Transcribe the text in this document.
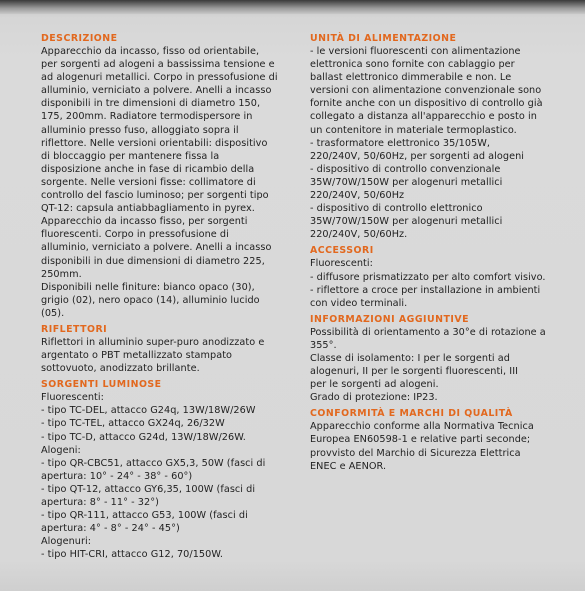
DESCRIZIONE

Apparecchio da incasso, fisso od orientabile,
per sorgenti ad alogeni a bassissima tensione e
ad alogenuri metallici. Corpo in pressofusione di
alluminio, verniciato a polvere. Anelli a incasso
disponibili in tre dimensioni di diametro 150,
175, 200mm. Radiatore termodispersore in
alluminio presso fuso, alloggiato sopra il
riflettore. Nelle versioni orientabili: dispositivo
di bloccaggio per mantenere fissa la
disposizione anche in fase di ricambio della
sorgente. Nelle versioni fisse: collimatore di
controllo del fascio luminoso; per sorgenti tipo
QT-12: capsula antiabbagliamento in pyrex.
Apparecchio da incasso fisso, per sorgenti
fluorescenti. Corpo in pressofusione di
alluminio, verniciato a polvere. Anelli a incasso
disponibili in due dimensioni di diametro 225,
250mm.
Disponibili nelle finiture: bianco opaco (30),
grigio (02), nero opaco (14), alluminio lucido
(05).

RIFLETTORI

Riflettori in alluminio super-puro anodizzato e
argentato o PBT metallizzato stampato
sottovuoto, anodizzato brillante.

SORGENTI LUMINOSE

Fluorescenti:
- tipo TC-DEL, attacco G24q, 13W/18W/26W
- tipo TC-TEL, attacco GX24q, 26/32W
- tipo TC-D, attacco G24d, 13W/18W/26W.
Alogeni:
- tipo QR-CBC51, attacco GX5,3, 50W (fasci di
apertura: 10° - 24° - 38° - 60°)
- tipo QT-12, attacco GY6,35, 100W (fasci di
apertura: 8° - 11° - 32°)
- tipo QR-111, attacco G53, 100W (fasci di
apertura: 4° - 8° - 24° - 45°)
Alogenuri:
- tipo HIT-CRI, attacco G12, 70/150W.

UNITÀ DI ALIMENTAZIONE

- le versioni fluorescenti con alimentazione
elettronica sono fornite con cablaggio per
ballast elettronico dimmerabile e non. Le
versioni con alimentazione convenzionale sono
fornite anche con un dispositivo di controllo già
collegato a distanza all'apparecchio e posto in
un contenitore in materiale termoplastico.
- trasformatore elettronico 35/105W,
220/240V, 50/60Hz, per sorgenti ad alogeni
- dispositivo di controllo convenzionale
35W/70W/150W per alogenuri metallici
220/240V, 50/60Hz
- dispositivo di controllo elettronico
35W/70W/150W per alogenuri metallici
220/240V, 50/60Hz.

ACCESSORI

Fluorescenti:
- diffusore prismatizzato per alto comfort visivo.
- riflettore a croce per installazione in ambienti
con video terminali.

INFORMAZIONI AGGIUNTIVE

Possibilità di orientamento a 30°e di rotazione a
355°.
Classe di isolamento: I per le sorgenti ad
alogenuri, II per le sorgenti fluorescenti, III
per le sorgenti ad alogeni.
Grado di protezione: IP23.

CONFORMITÀ E MARCHI DI QUALITÀ

Apparecchio conforme alla Normativa Tecnica
Europea EN60598-1 e relative parti seconde;
provvisto del Marchio di Sicurezza Elettrica
ENEC e AENOR.
